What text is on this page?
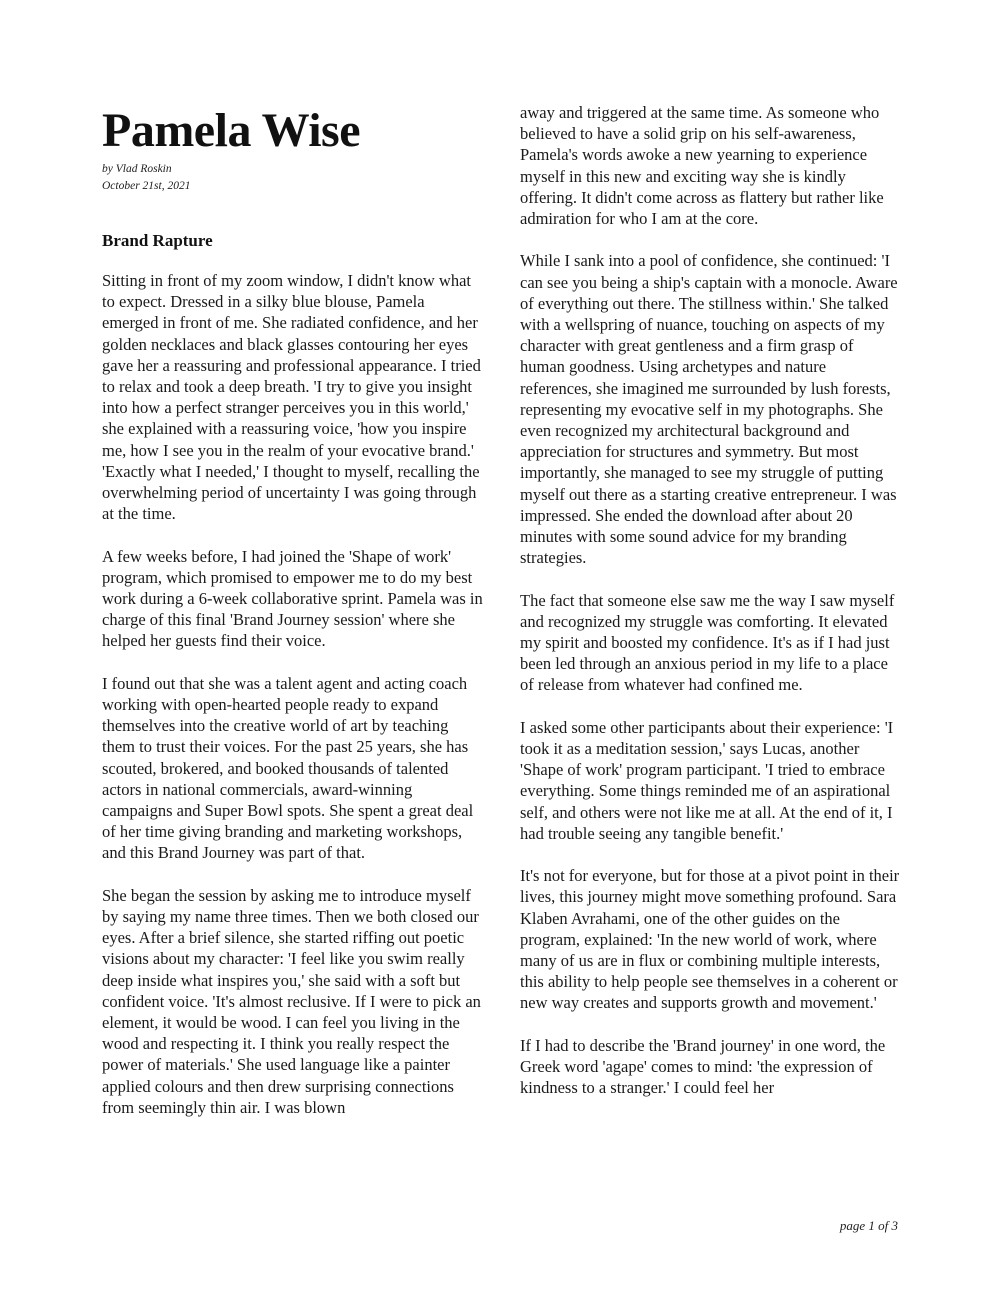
Pamela Wise
by Vlad Roskin
October 21st, 2021
Brand Rapture

Sitting in front of my zoom window, I didn't know what to expect. Dressed in a silky blue blouse, Pamela emerged in front of me. She radiated confidence, and her golden necklaces and black glasses contouring her eyes gave her a reassuring and professional appearance. I tried to relax and took a deep breath. 'I try to give you insight into how a perfect stranger perceives you in this world,' she explained with a reassuring voice, 'how you inspire me, how I see you in the realm of your evocative brand.' 'Exactly what I needed,' I thought to myself, recalling the overwhelming period of uncertainty I was going through at the time.

A few weeks before, I had joined the 'Shape of work' program, which promised to empower me to do my best work during a 6-week collaborative sprint. Pamela was in charge of this final 'Brand Journey session' where she helped her guests find their voice.

I found out that she was a talent agent and acting coach working with open-hearted people ready to expand themselves into the creative world of art by teaching them to trust their voices. For the past 25 years, she has scouted, brokered, and booked thousands of talented actors in national commercials, award-winning campaigns and Super Bowl spots. She spent a great deal of her time giving branding and marketing workshops, and this Brand Journey was part of that.

She began the session by asking me to introduce myself by saying my name three times. Then we both closed our eyes. After a brief silence, she started riffing out poetic visions about my character: 'I feel like you swim really deep inside what inspires you,' she said with a soft but confident voice. 'It's almost reclusive. If I were to pick an element, it would be wood. I can feel you living in the wood and respecting it. I think you really respect the power of materials.' She used language like a painter applied colours and then drew surprising connections from seemingly thin air. I was blown

away and triggered at the same time. As someone who believed to have a solid grip on his self-awareness, Pamela's words awoke a new yearning to experience myself in this new and exciting way she is kindly offering. It didn't come across as flattery but rather like admiration for who I am at the core.

While I sank into a pool of confidence, she continued: 'I can see you being a ship's captain with a monocle. Aware of everything out there. The stillness within.' She talked with a wellspring of nuance, touching on aspects of my character with great gentleness and a firm grasp of human goodness. Using archetypes and nature references, she imagined me surrounded by lush forests, representing my evocative self in my photographs. She even recognized my architectural background and appreciation for structures and symmetry. But most importantly, she managed to see my struggle of putting myself out there as a starting creative entrepreneur. I was impressed. She ended the download after about 20 minutes with some sound advice for my branding strategies.

The fact that someone else saw me the way I saw myself and recognized my struggle was comforting. It elevated my spirit and boosted my confidence. It's as if I had just been led through an anxious period in my life to a place of release from whatever had confined me.

I asked some other participants about their experience: 'I took it as a meditation session,' says Lucas, another 'Shape of work' program participant. 'I tried to embrace everything. Some things reminded me of an aspirational self, and others were not like me at all. At the end of it, I had trouble seeing any tangible benefit.'

It's not for everyone, but for those at a pivot point in their lives, this journey might move something profound. Sara Klaben Avrahami, one of the other guides on the program, explained: 'In the new world of work, where many of us are in flux or combining multiple interests, this ability to help people see themselves in a coherent or new way creates and supports growth and movement.'

If I had to describe the 'Brand journey' in one word, the Greek word 'agape' comes to mind: 'the expression of kindness to a stranger.' I could feel her

page 1 of 3
